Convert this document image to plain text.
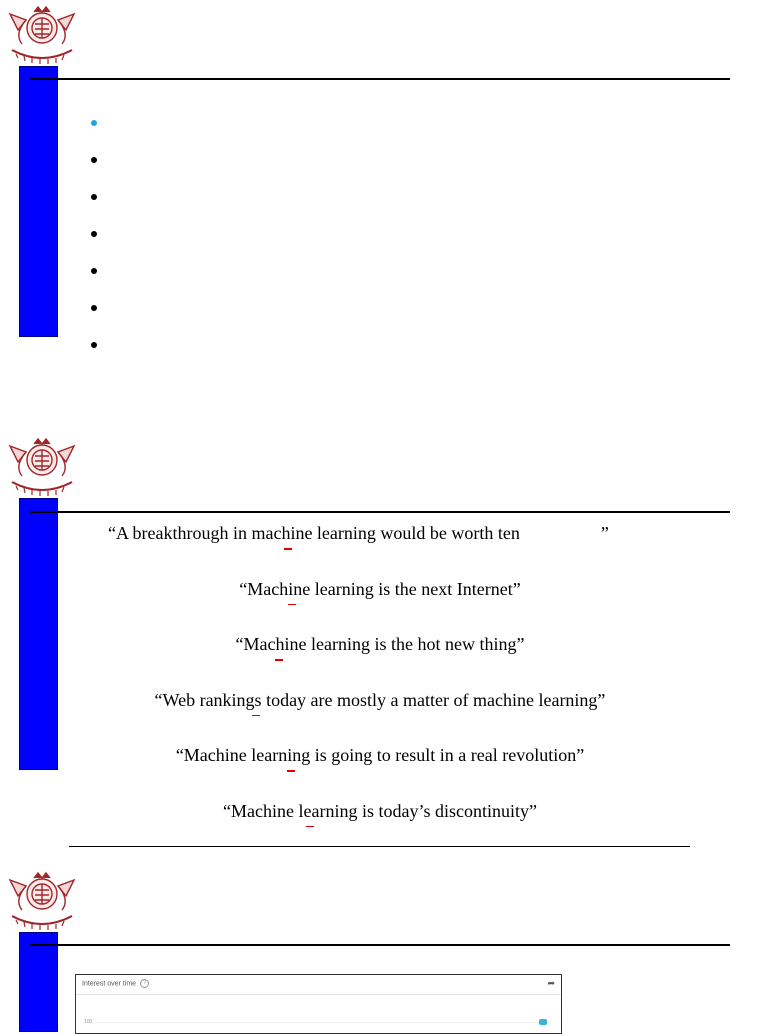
“A breakthrough in machine learning would be worth ten                  ”
“Machine learning is the next Internet”
“Machine learning is the hot new thing”
“Web rankings today are mostly a matter of machine learning”
“Machine learning is going to result in a real revolution”
“Machine learning is today’s discontinuity”
Interest over time ?	➦
100
